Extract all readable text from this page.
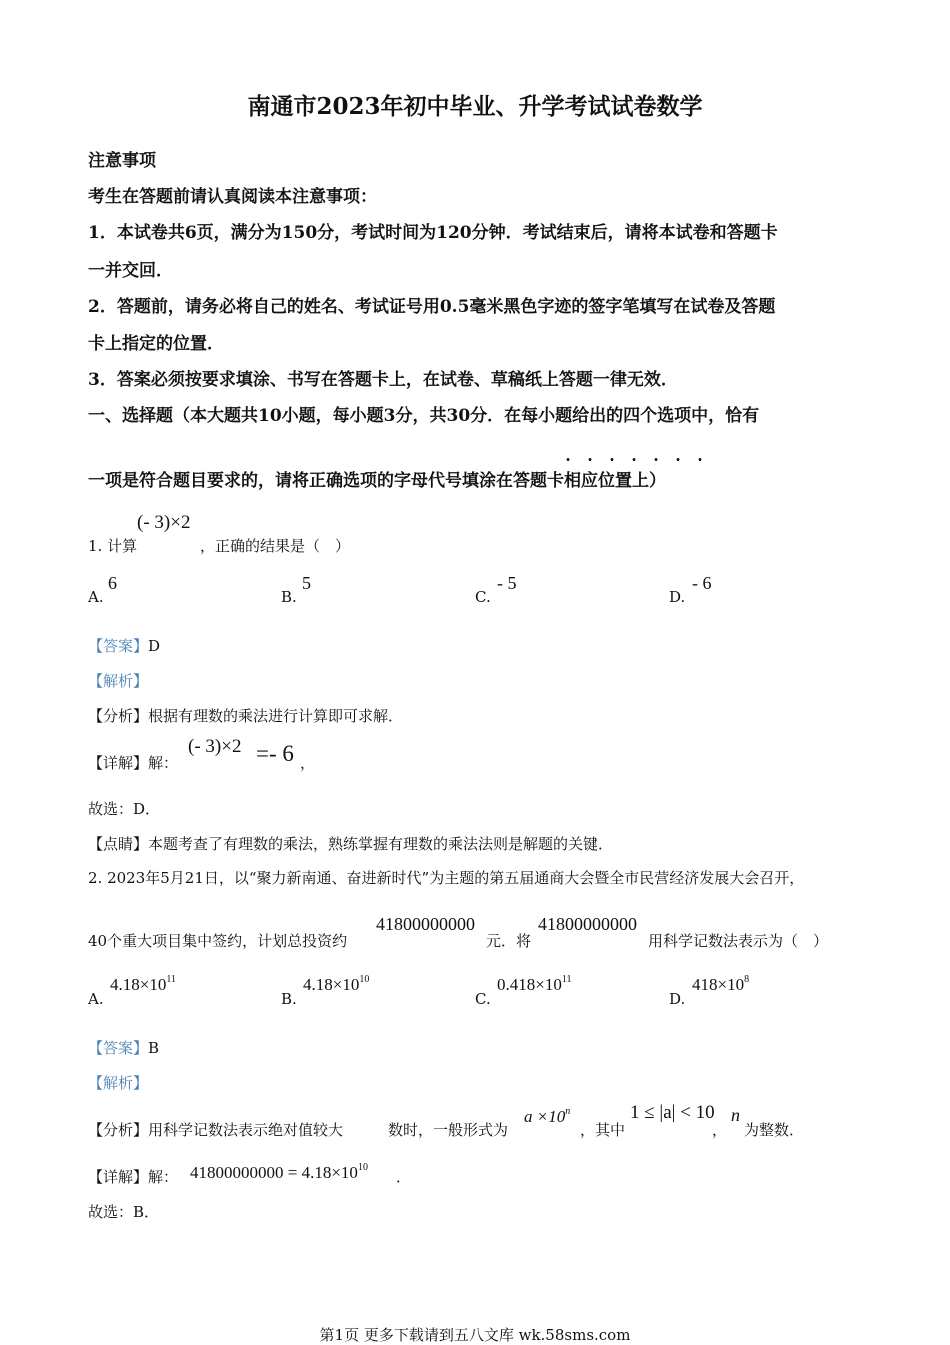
南通市2023年初中毕业、升学考试试卷数学
注意事项
考生在答题前请认真阅读本注意事项：
1．本试卷共6页，满分为150分，考试时间为120分钟．考试结束后，请将本试卷和答题卡
一并交回．
2．答题前，请务必将自己的姓名、考试证号用0.5毫米黑色字迹的签字笔填写在试卷及答题
卡上指定的位置．
3．答案必须按要求填涂、书写在答题卡上，在试卷、草稿纸上答题一律无效．
一、选择题（本大题共10小题，每小题3分，共30分．在每小题给出的四个选项中，恰有
· · · · · · ·
一项是符合题目要求的，请将正确选项的字母代号填涂在答题卡相应位置上）
(- 3)×2
1. 计算	，正确的结果是（　）
A.
6
B.
5
C.
- 5
D.
- 6
【答案】D
【解析】
【分析】根据有理数的乘法进行计算即可求解．
【详解】解：
(- 3)×2 =- 6 ，
故选：D．
【点睛】本题考查了有理数的乘法，熟练掌握有理数的乘法法则是解题的关键．
2. 2023年5月21日，以“聚力新南通、奋进新时代”为主题的第五届通商大会暨全市民营经济发展大会召开，
41800000000	41800000000
40个重大项目集中签约，计划总投资约	元．将	用科学记数法表示为（　）
A.
$4.18\times 10^{11}$
B.
$4.18\times 10^{10}$
C.
$0.418\times 10^{11}$
D.
$418\times 10^8$
【答案】B
【解析】
【分析】用科学记数法表示绝对值较大	数时，一般形式为
$a \times 10^n$
，其中
1 ≤ |a| < 10
，
n
为整数．
【详解】解： $41800000000 = 4.18\times 10^{10}$
．
故选：B．
第1页 更多下载请到五八文库 wk.58sms.com
